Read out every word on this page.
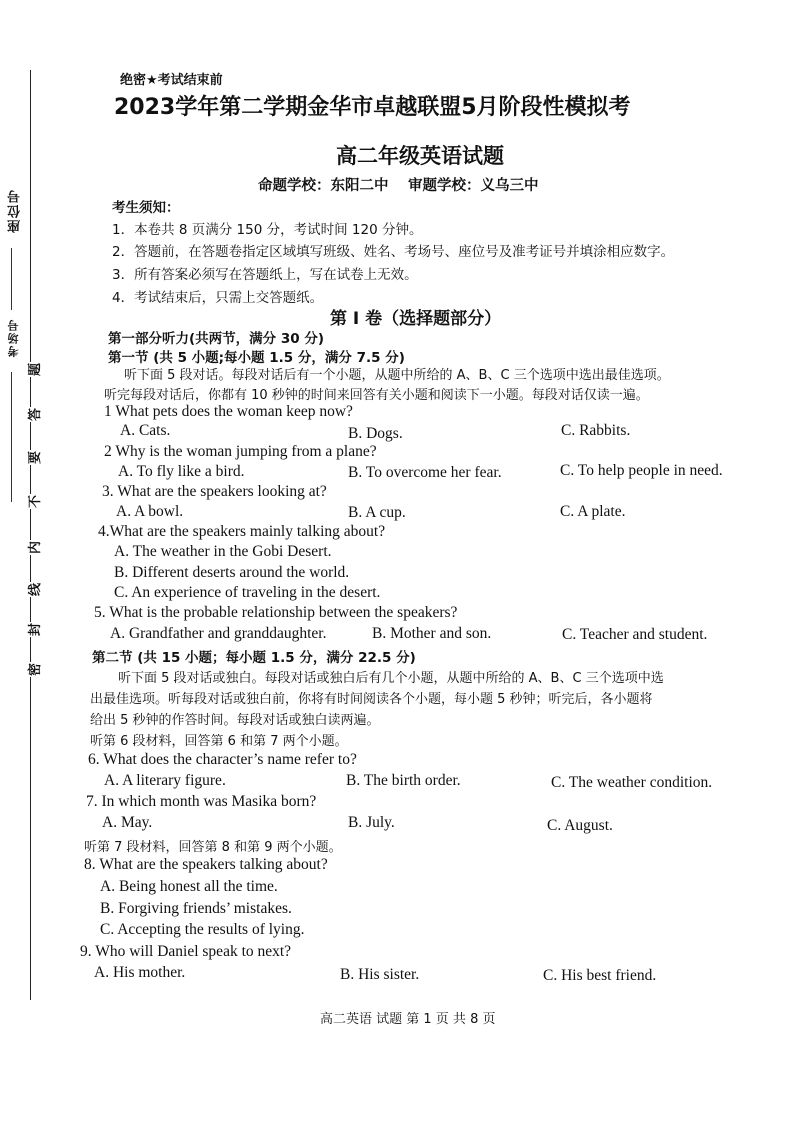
座位号
考场号
密
封
线
内
不
要
答
题
绝密★考试结束前
2023学年第二学期金华市卓越联盟5月阶段性模拟考
高二年级英语试题
命题学校：东阳二中　 审题学校：义乌三中
考生须知：
1．本卷共 8 页满分 150 分，考试时间 120 分钟。
2．答题前，在答题卷指定区域填写班级、姓名、考场号、座位号及准考证号并填涂相应数字。
3．所有答案必须写在答题纸上，写在试卷上无效。
4．考试结束后，只需上交答题纸。
第 I 卷（选择题部分）
第一部分听力(共两节，满分 30 分)
第一节 (共 5 小题;每小题 1.5 分，满分 7.5 分)
听下面 5 段对话。每段对话后有一个小题，从题中所给的 A、B、C 三个选项中选出最佳选项。
听完每段对话后，你都有 10 秒钟的时间来回答有关小题和阅读下一小题。每段对话仅读一遍。
1 What pets does the woman keep now?
A. Cats.	B. Dogs.	C. Rabbits.
2 Why is the woman jumping from a plane?
A. To fly like a bird.	B. To overcome her fear.	C. To help people in need.
3. What are the speakers looking at?
A. A bowl.	B. A cup.	C. A plate.
4.What are the speakers mainly talking about?
A. The weather in the Gobi Desert.
B. Different deserts around the world.
C. An experience of traveling in the desert.
5. What is the probable relationship between the speakers?
A. Grandfather and granddaughter.	B. Mother and son.	C. Teacher and student.
第二节 (共 15 小题；每小题 1.5 分，满分 22.5 分)
听下面 5 段对话或独白。每段对话或独白后有几个小题，从题中所给的 A、B、C 三个选项中选
出最佳选项。听每段对话或独白前，你将有时间阅读各个小题，每小题 5 秒钟；听完后，各小题将
给出 5 秒钟的作答时间。每段对话或独白读两遍。
听第 6 段材料，回答第 6 和第 7 两个小题。
6. What does the character’s name refer to?
A. A literary figure.	B. The birth order.	C. The weather condition.
7. In which month was Masika born?
A. May.	B. July.	C. August.
听第 7 段材料，回答第 8 和第 9 两个小题。
8. What are the speakers talking about?
A. Being honest all the time.
B. Forgiving friends’ mistakes.
C. Accepting the results of lying.
9. Who will Daniel speak to next?
A. His mother.	B. His sister.	C. His best friend.
高二英语 试题 第 1 页 共 8 页
